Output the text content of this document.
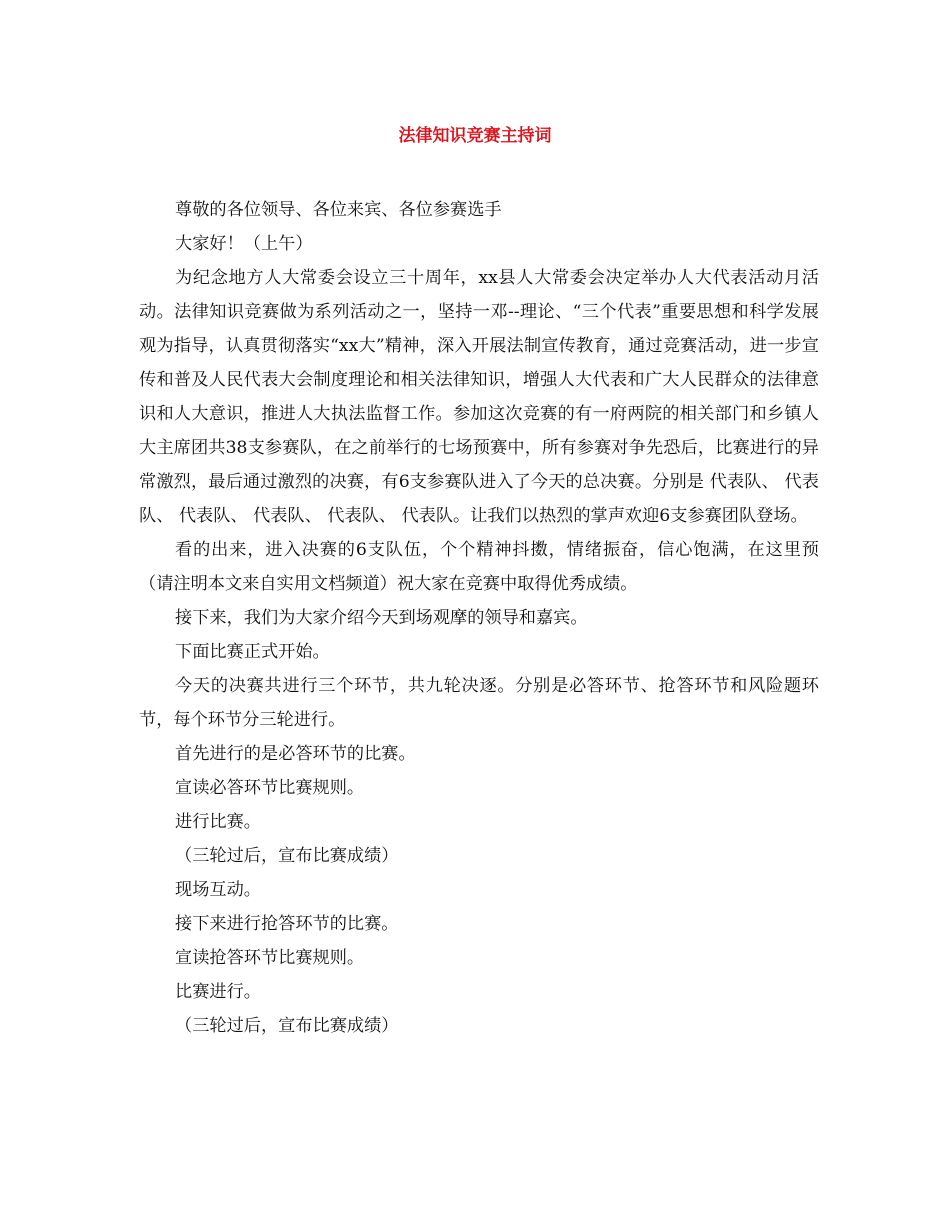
法律知识竞赛主持词

尊敬的各位领导、各位来宾、各位参赛选手

大家好！（上午）

为纪念地方人大常委会设立三十周年，xx县人大常委会决定举办人大代表活动月活动。法律知识竞赛做为系列活动之一，坚持一邓--理论、“三个代表”重要思想和科学发展观为指导，认真贯彻落实“xx大”精神，深入开展法制宣传教育，通过竞赛活动，进一步宣传和普及人民代表大会制度理论和相关法律知识，增强人大代表和广大人民群众的法律意识和人大意识，推进人大执法监督工作。参加这次竞赛的有一府两院的相关部门和乡镇人大主席团共38支参赛队，在之前举行的七场预赛中，所有参赛对争先恐后，比赛进行的异常激烈，最后通过激烈的决赛，有6支参赛队进入了今天的总决赛。分别是 代表队、 代表队、 代表队、 代表队、 代表队、 代表队。让我们以热烈的掌声欢迎6支参赛团队登场。

看的出来，进入决赛的6支队伍，个个精神抖擞，情绪振奋，信心饱满，在这里预（请注明本文来自实用文档频道）祝大家在竞赛中取得优秀成绩。

接下来，我们为大家介绍今天到场观摩的领导和嘉宾。

下面比赛正式开始。

今天的决赛共进行三个环节，共九轮决逐。分别是必答环节、抢答环节和风险题环节，每个环节分三轮进行。

首先进行的是必答环节的比赛。

宣读必答环节比赛规则。

进行比赛。

（三轮过后，宣布比赛成绩）

现场互动。

接下来进行抢答环节的比赛。

宣读抢答环节比赛规则。

比赛进行。

（三轮过后，宣布比赛成绩）
